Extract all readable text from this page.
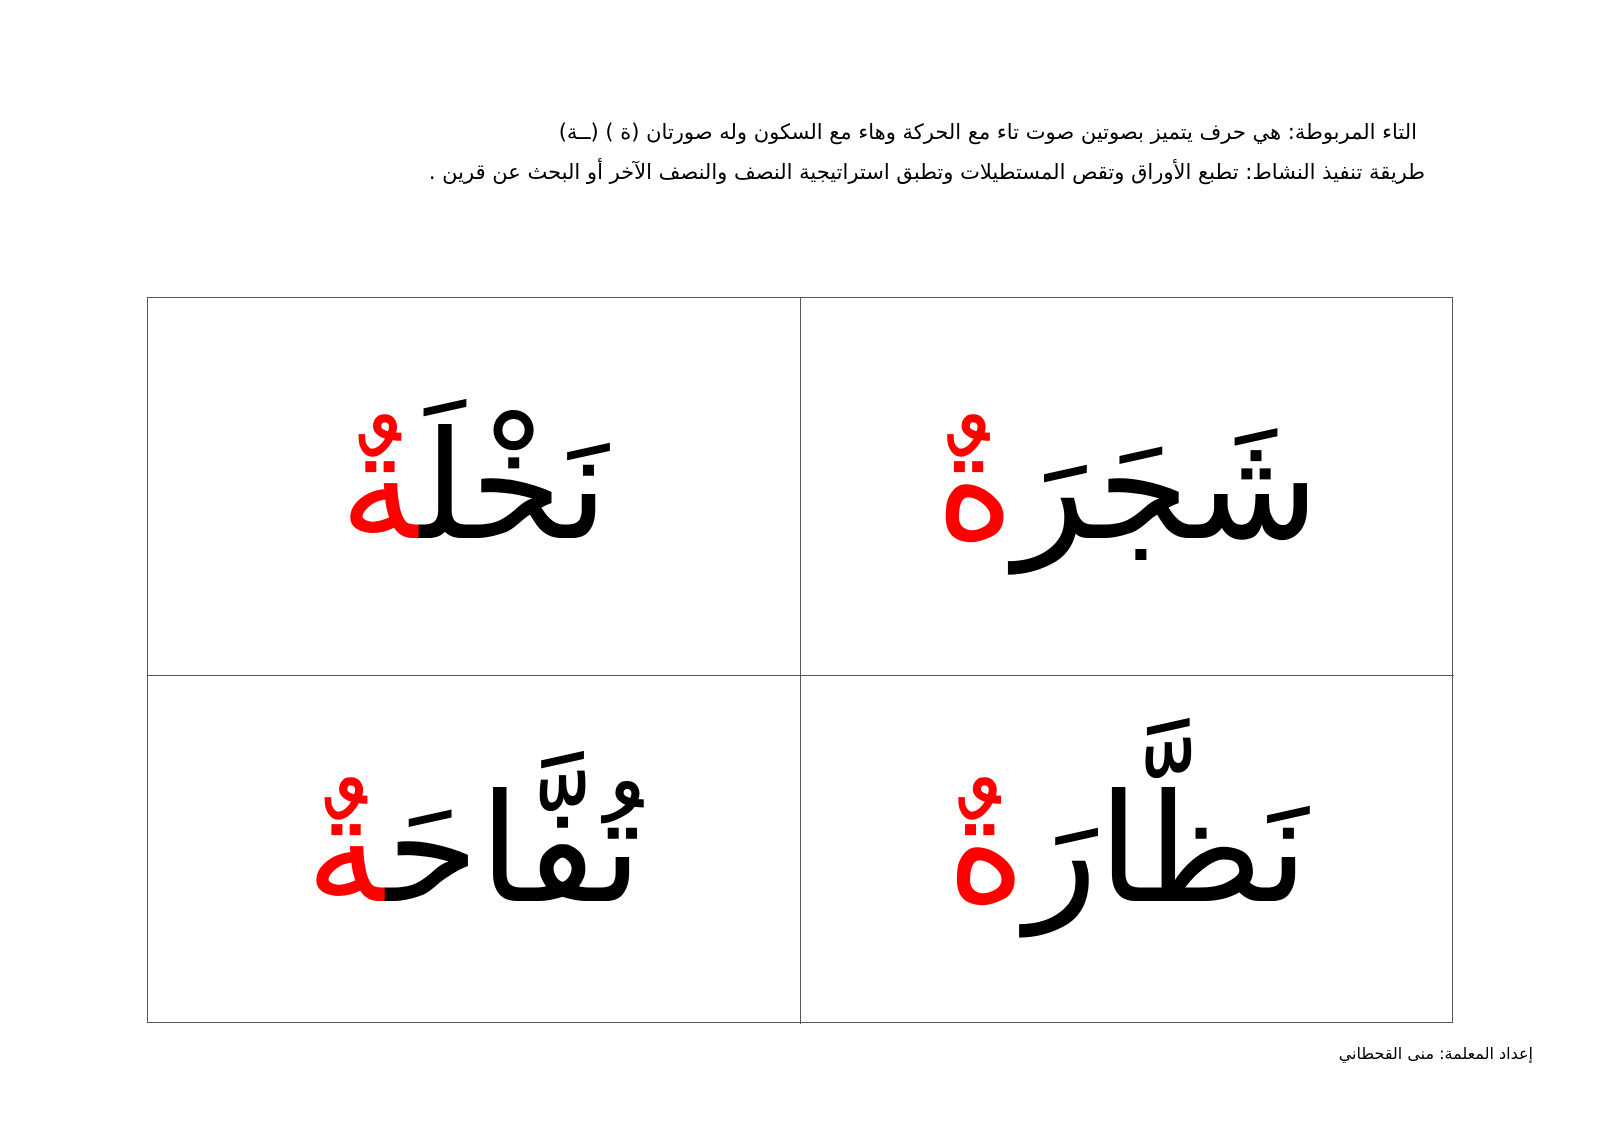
التاء المربوطة: هي حرف يتميز بصوتين صوت تاء مع الحركة وهاء مع السكون وله صورتان (ة ) (ــة)

طريقة تنفيذ النشاط: تطبع الأوراق وتقص المستطيلات وتطبق استراتيجية النصف والنصف الآخر أو البحث عن قرين .

نَخْلَةٌ	شَجَرَةٌ
تُفَّاحَةٌ	نَظَّارَةٌ
إعداد المعلمة: منى القحطاني
